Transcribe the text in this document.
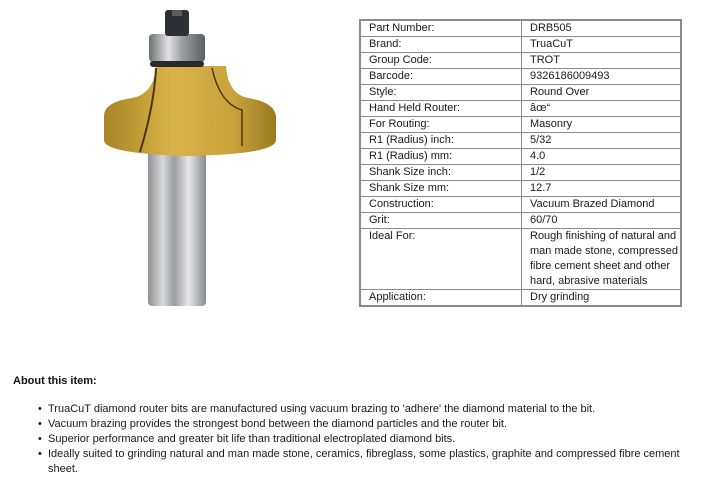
Part Number:	DRB505
Brand:	TruaCuT
Group Code:	TROT
Barcode:	9326186009493
Style:	Round Over
Hand Held Router:	âœ“
For Routing:	Masonry
R1 (Radius) inch:	5/32
R1 (Radius) mm:	4.0
Shank Size inch:	1/2
Shank Size mm:	12.7
Construction:	Vacuum Brazed Diamond
Grit:	60/70
Ideal For:	Rough finishing of natural and man made stone, compressed fibre cement sheet and other hard, abrasive materials
Application:	Dry grinding
About this item:
• TruaCuT diamond router bits are manufactured using vacuum brazing to 'adhere' the diamond material to the bit.
• Vacuum brazing provides the strongest bond between the diamond particles and the router bit.
• Superior performance and greater bit life than traditional electroplated diamond bits.
• Ideally suited to grinding natural and man made stone, ceramics, fibreglass, some plastics, graphite and compressed fibre cement sheet.
